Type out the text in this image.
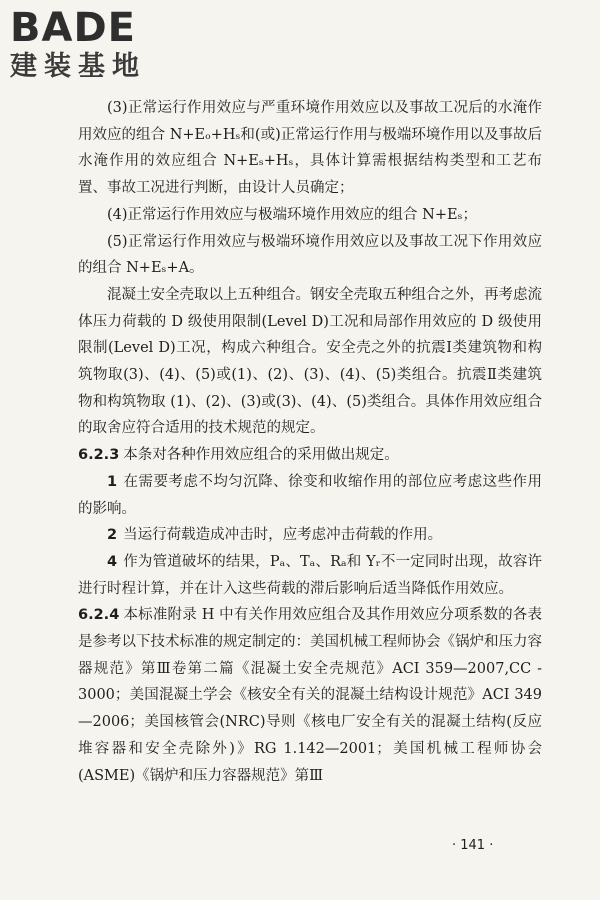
BADE
建装基地

(3)正常运行作用效应与严重环境作用效应以及事故工况后的水淹作用效应的组合 N+Eₒ+Hₛ和(或)正常运行作用与极端环境作用以及事故后水淹作用的效应组合 N+Eₛ+Hₛ，具体计算需根据结构类型和工艺布置、事故工况进行判断，由设计人员确定；

(4)正常运行作用效应与极端环境作用效应的组合 N+Eₛ；

(5)正常运行作用效应与极端环境作用效应以及事故工况下作用效应的组合 N+Eₛ+A。

混凝土安全壳取以上五种组合。钢安全壳取五种组合之外，再考虑流体压力荷载的 D 级使用限制(Level D)工况和局部作用效应的 D 级使用限制(Level D)工况，构成六种组合。安全壳之外的抗震Ⅰ类建筑物和构筑物取(3)、(4)、(5)或(1)、(2)、(3)、(4)、(5)类组合。抗震Ⅱ类建筑物和构筑物取 (1)、(2)、(3)或(3)、(4)、(5)类组合。具体作用效应组合的取舍应符合适用的技术规范的规定。

6.2.3 本条对各种作用效应组合的采用做出规定。

1 在需要考虑不均匀沉降、徐变和收缩作用的部位应考虑这些作用的影响。

2 当运行荷载造成冲击时，应考虑冲击荷载的作用。

4 作为管道破坏的结果，Pₐ、Tₐ、Rₐ和 Yᵣ不一定同时出现，故容许进行时程计算，并在计入这些荷载的滞后影响后适当降低作用效应。

6.2.4 本标准附录 H 中有关作用效应组合及其作用效应分项系数的各表是参考以下技术标准的规定制定的：美国机械工程师协会《锅炉和压力容器规范》第Ⅲ卷第二篇《混凝土安全壳规范》ACI 359—2007,CC - 3000；美国混凝土学会《核安全有关的混凝土结构设计规范》ACI 349—2006；美国核管会(NRC)导则《核电厂安全有关的混凝土结构(反应堆容器和安全壳除外)》RG 1.142—2001；美国机械工程师协会(ASME)《锅炉和压力容器规范》第Ⅲ

· 141 ·
